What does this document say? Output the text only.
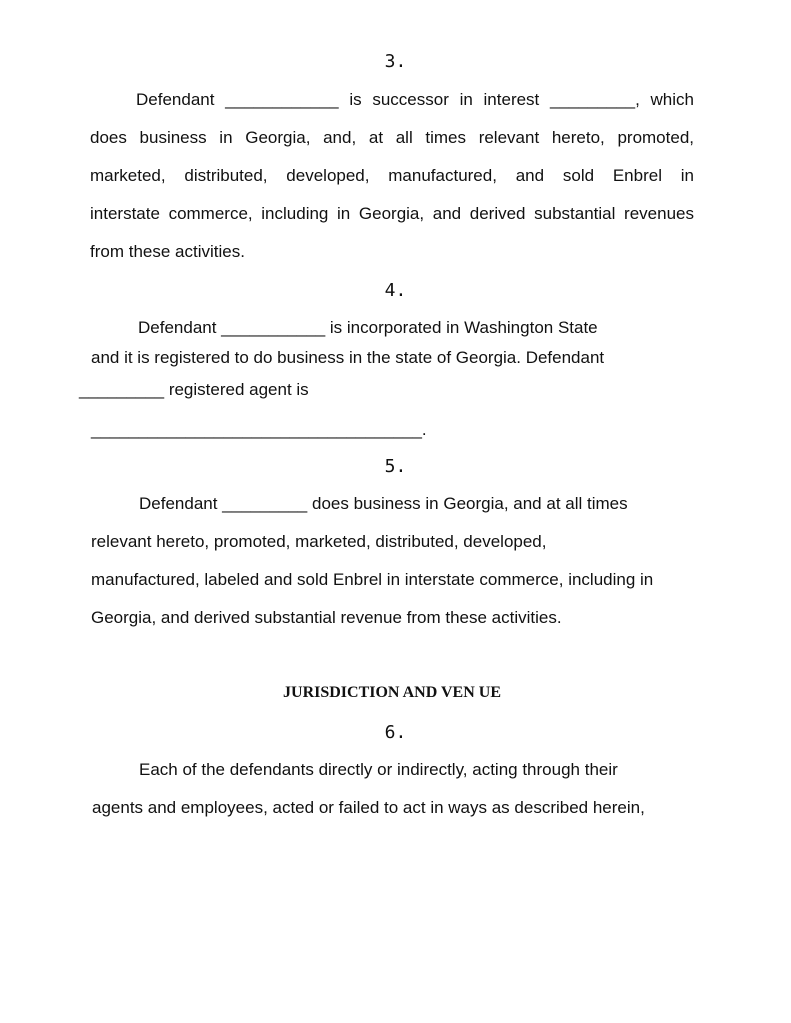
3.
Defendant ____________ is successor in interest _________, which
does business in Georgia, and, at all times relevant hereto, promoted,
marketed, distributed, developed, manufactured, and sold Enbrel in
interstate commerce, including in Georgia, and derived substantial revenues
from these activities.
4.
Defendant ___________ is incorporated in Washington State
and it is registered to do business in the state of Georgia. Defendant
_________ registered agent is
___________________________________.
5.
Defendant _________ does business in Georgia, and at all times
relevant hereto, promoted, marketed, distributed, developed,
manufactured, labeled and sold Enbrel in interstate commerce, including in
Georgia, and derived substantial revenue from these activities.
JURISDICTION AND VEN UE
6.
Each of the defendants directly or indirectly, acting through their
agents and employees, acted or failed to act in ways as described herein,
